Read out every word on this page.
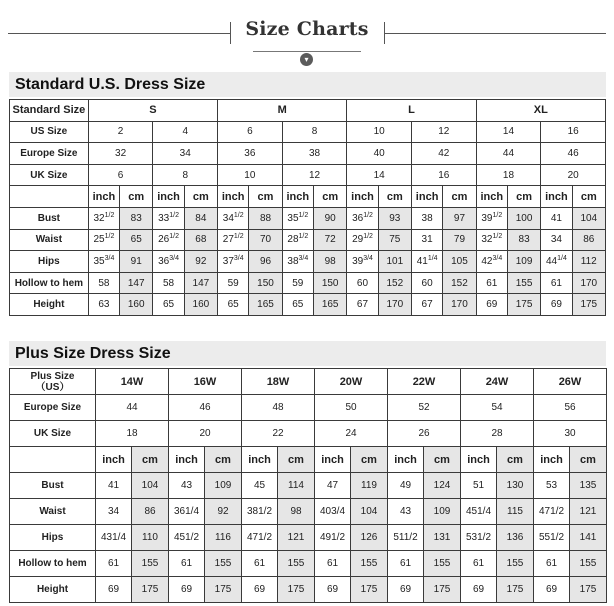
Size Charts
▾
Standard U.S. Dress Size
Standard Size	S				M				L				XL			
US Size	2		4		6		8		10		12		14		16	
Europe Size	32		34		36		38		40		42		44		46	
UK Size	6		8		10		12		14		16		18		20	
	inch	cm	inch	cm	inch	cm	inch	cm	inch	cm	inch	cm	inch	cm	inch	cm
Bust	$32^{1/2}$	83	$33^{1/2}$	84	$34^{1/2}$	88	$35^{1/2}$	90	$36^{1/2}$	93	38	97	$39^{1/2}$	100	41	104
Waist	$25^{1/2}$	65	$26^{1/2}$	68	$27^{1/2}$	70	$28^{1/2}$	72	$29^{1/2}$	75	31	79	$32^{1/2}$	83	34	86
Hips	$35^{3/4}$	91	$36^{3/4}$	92	$37^{3/4}$	96	$38^{3/4}$	98	$39^{3/4}$	101	$41^{1/4}$	105	$42^{3/4}$	109	$44^{1/4}$	112
Hollow to hem	58	147	58	147	59	150	59	150	60	152	60	152	61	155	61	170
Height	63	160	65	160	65	165	65	165	67	170	67	170	69	175	69	175
Plus Size Dress Size
Plus Size
（US）	14W		16W		18W		20W		22W		24W		26W	
Europe Size	44		46		48		50		52		54		56	
UK Size	18		20		22		24		26		28		30	
	inch	cm	inch	cm	inch	cm	inch	cm	inch	cm	inch	cm	inch	cm
Bust	41	104	43	109	45	114	47	119	49	124	51	130	53	135
Waist	34	86	361/4	92	381/2	98	403/4	104	43	109	451/4	115	471/2	121
Hips	431/4	110	451/2	116	471/2	121	491/2	126	511/2	131	531/2	136	551/2	141
Hollow to hem	61	155	61	155	61	155	61	155	61	155	61	155	61	155
Height	69	175	69	175	69	175	69	175	69	175	69	175	69	175
